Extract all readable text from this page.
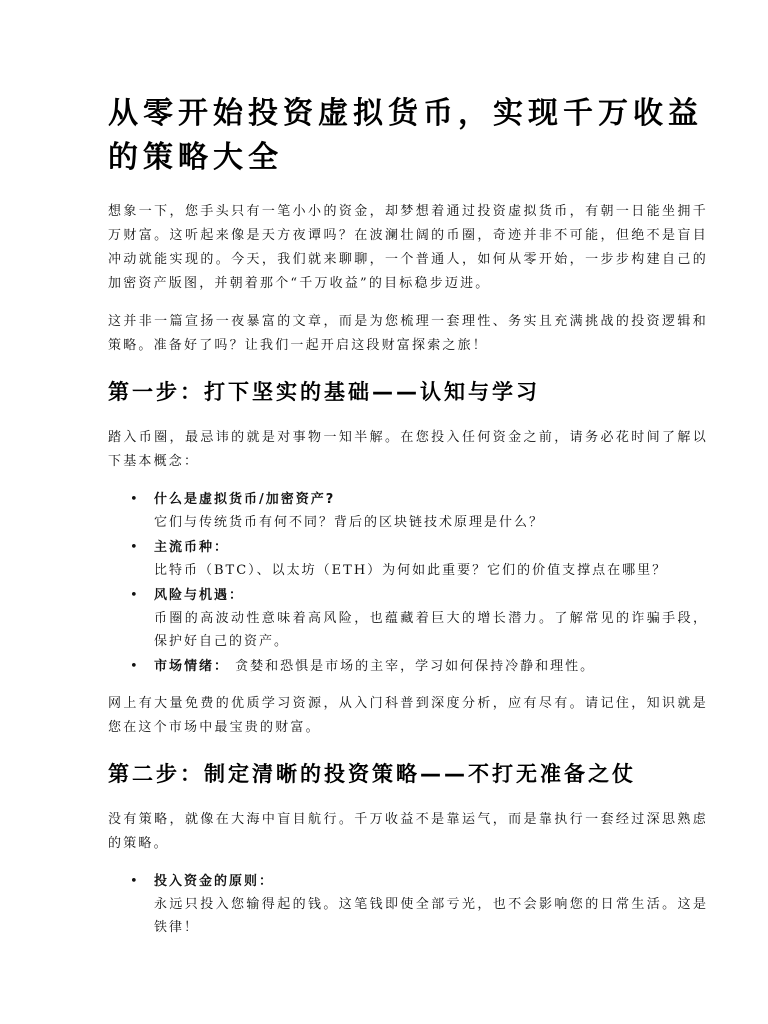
从零开始投资虚拟货币，实现千万收益的策略大全

想象一下，您手头只有一笔小小的资金，却梦想着通过投资虚拟货币，有朝一日能坐拥千万财富。这听起来像是天方夜谭吗？在波澜壮阔的币圈，奇迹并非不可能，但绝不是盲目冲动就能实现的。今天，我们就来聊聊，一个普通人，如何从零开始，一步步构建自己的加密资产版图，并朝着那个“千万收益”的目标稳步迈进。

这并非一篇宣扬一夜暴富的文章，而是为您梳理一套理性、务实且充满挑战的投资逻辑和策略。准备好了吗？让我们一起开启这段财富探索之旅！

第一步：打下坚实的基础——认知与学习

踏入币圈，最忌讳的就是对事物一知半解。在您投入任何资金之前，请务必花时间了解以下基本概念：

• 什么是虚拟货币/加密资产?
它们与传统货币有何不同？背后的区块链技术原理是什么？
• 主流币种：
比特币（BTC）、以太坊（ETH）为何如此重要？它们的价值支撑点在哪里？
• 风险与机遇：
币圈的高波动性意味着高风险，也蕴藏着巨大的增长潜力。了解常见的诈骗手段，保护好自己的资产。
• 市场情绪： 贪婪和恐惧是市场的主宰，学习如何保持冷静和理性。

网上有大量免费的优质学习资源，从入门科普到深度分析，应有尽有。请记住，知识就是您在这个市场中最宝贵的财富。

第二步：制定清晰的投资策略——不打无准备之仗

没有策略，就像在大海中盲目航行。千万收益不是靠运气，而是靠执行一套经过深思熟虑的策略。

• 投入资金的原则：
永远只投入您输得起的钱。这笔钱即使全部亏光，也不会影响您的日常生活。这是铁律！
